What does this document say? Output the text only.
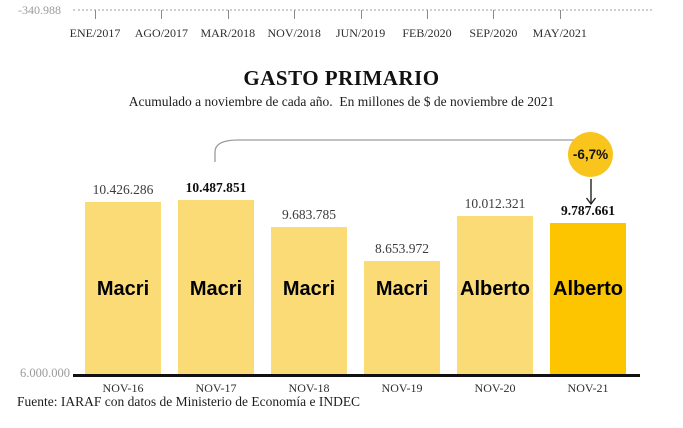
-340.988
ENE/2017	AGO/2017	MAR/2018	NOV/2018	JUN/2019	FEB/2020	SEP/2020	MAY/2021
GASTO PRIMARIO
Acumulado a noviembre de cada año.  En millones de $ de noviembre de 2021
-6,7%
10.426.286
Macri
10.487.851
Macri
9.683.785
Macri
8.653.972
Macri
10.012.321
Alberto
9.787.661
Alberto
6.000.000
NOV-16	NOV-17	NOV-18	NOV-19	NOV-20	NOV-21
Fuente: IARAF con datos de Ministerio de Economía e INDEC
